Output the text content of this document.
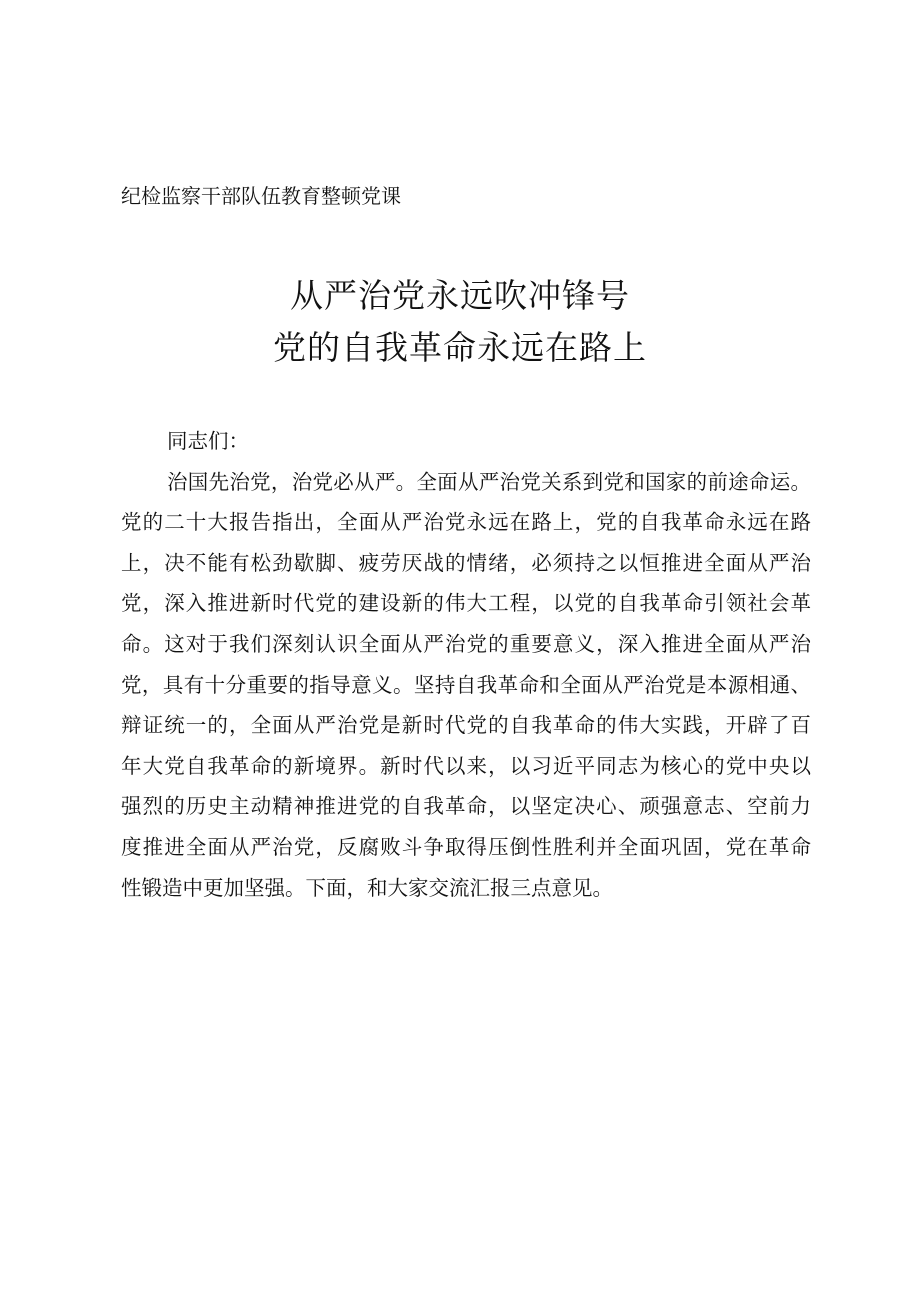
纪检监察干部队伍教育整顿党课
从严治党永远吹冲锋号
党的自我革命永远在路上
同志们：
治国先治党，治党必从严。全面从严治党关系到党和国家的前途命运。
党的二十大报告指出，全面从严治党永远在路上，党的自我革命永远在路
上，决不能有松劲歇脚、疲劳厌战的情绪，必须持之以恒推进全面从严治
党，深入推进新时代党的建设新的伟大工程，以党的自我革命引领社会革
命。这对于我们深刻认识全面从严治党的重要意义，深入推进全面从严治
党，具有十分重要的指导意义。坚持自我革命和全面从严治党是本源相通、
辩证统一的，全面从严治党是新时代党的自我革命的伟大实践，开辟了百
年大党自我革命的新境界。新时代以来，以习近平同志为核心的党中央以
强烈的历史主动精神推进党的自我革命，以坚定决心、顽强意志、空前力
度推进全面从严治党，反腐败斗争取得压倒性胜利并全面巩固，党在革命
性锻造中更加坚强。下面，和大家交流汇报三点意见。
